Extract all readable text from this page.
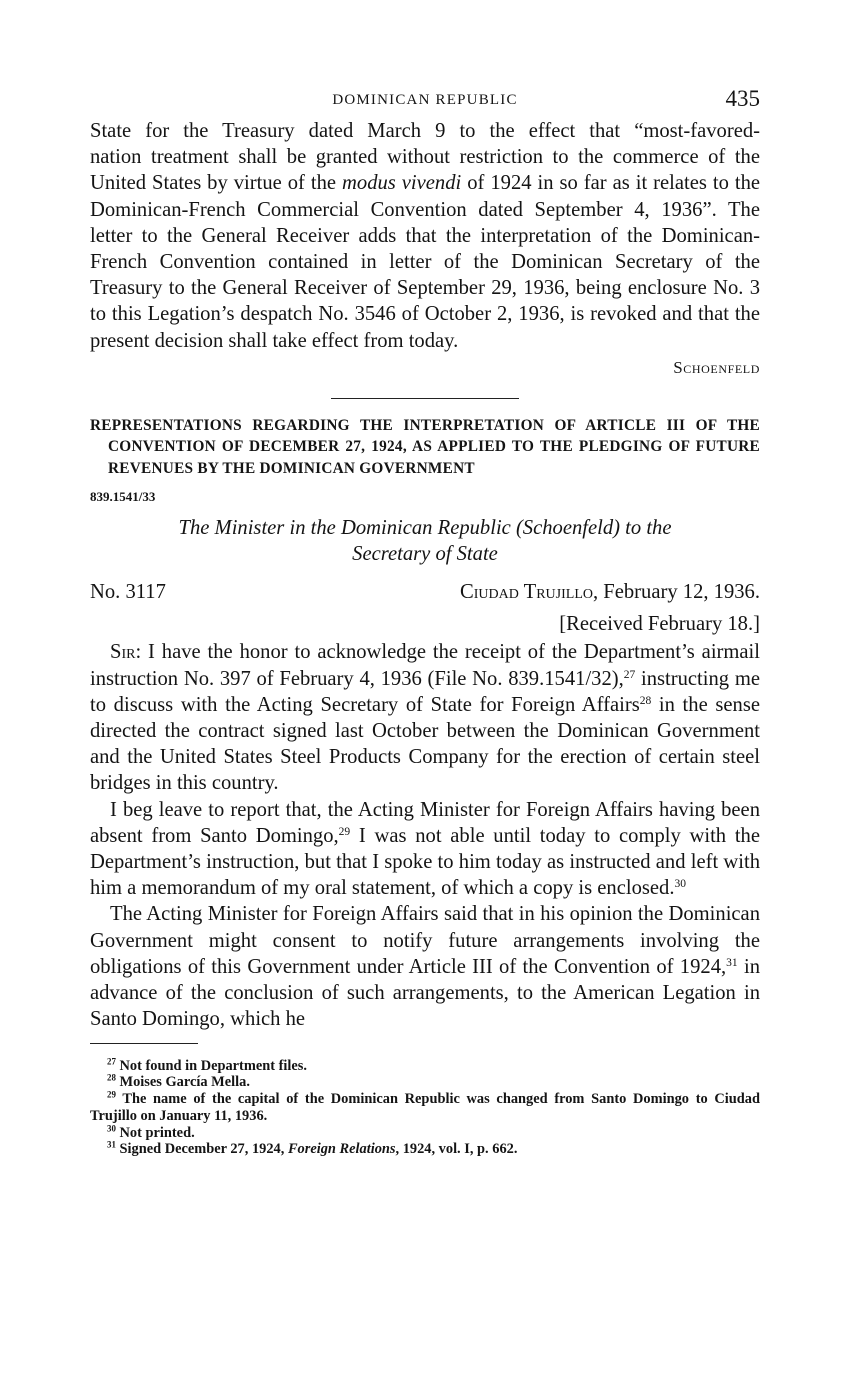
DOMINICAN REPUBLIC	435

State for the Treasury dated March 9 to the effect that “most-favored-

nation treatment shall be granted without restriction to the commerce of the United States by virtue of the modus vivendi of 1924 in so far as it relates to the Dominican-French Commercial Convention dated September 4, 1936”. The letter to the General Receiver adds that the interpretation of the Dominican-French Convention contained in letter of the Dominican Secretary of the Treasury to the General Receiver of September 29, 1936, being enclosure No. 3 to this Legation’s despatch No. 3546 of October 2, 1936, is revoked and that the present decision shall take effect from today.

Schoenfeld
REPRESENTATIONS REGARDING THE INTERPRETATION OF ARTICLE III OF THE CONVENTION OF DECEMBER 27, 1924, AS APPLIED TO THE PLEDGING OF FUTURE REVENUES BY THE DOMINICAN GOVERNMENT
839.1541/33
The Minister in the Dominican Republic (Schoenfeld) to the
Secretary of State
No. 3117	Ciudad Trujillo, February 12, 1936.
[Received February 18.]

Sir: I have the honor to acknowledge the receipt of the Department’s airmail instruction No. 397 of February 4, 1936 (File No. 839.1541/32),$^{27}$ instructing me to discuss with the Acting Secretary of State for Foreign Affairs$^{28}$ in the sense directed the contract signed last October between the Dominican Government and the United States Steel Products Company for the erection of certain steel bridges in this country.

I beg leave to report that, the Acting Minister for Foreign Affairs having been absent from Santo Domingo,$^{29}$ I was not able until today to comply with the Department’s instruction, but that I spoke to him today as instructed and left with him a memorandum of my oral statement, of which a copy is enclosed.$^{30}$

The Acting Minister for Foreign Affairs said that in his opinion the Dominican Government might consent to notify future arrangements involving the obligations of this Government under Article III of the Convention of 1924,31 in advance of the conclusion of such arrangements, to the American Legation in Santo Domingo, which he

$^{27}$ Not found in Department files.

$^{28}$ Moises García Mella.

$^{29}$ The name of the capital of the Dominican Republic was changed from Santo Domingo to Ciudad Trujillo on January 11, 1936.

$^{30}$ Not printed.

$^{31}$ Signed December 27, 1924, Foreign Relations, 1924, vol. I, p. 662.
